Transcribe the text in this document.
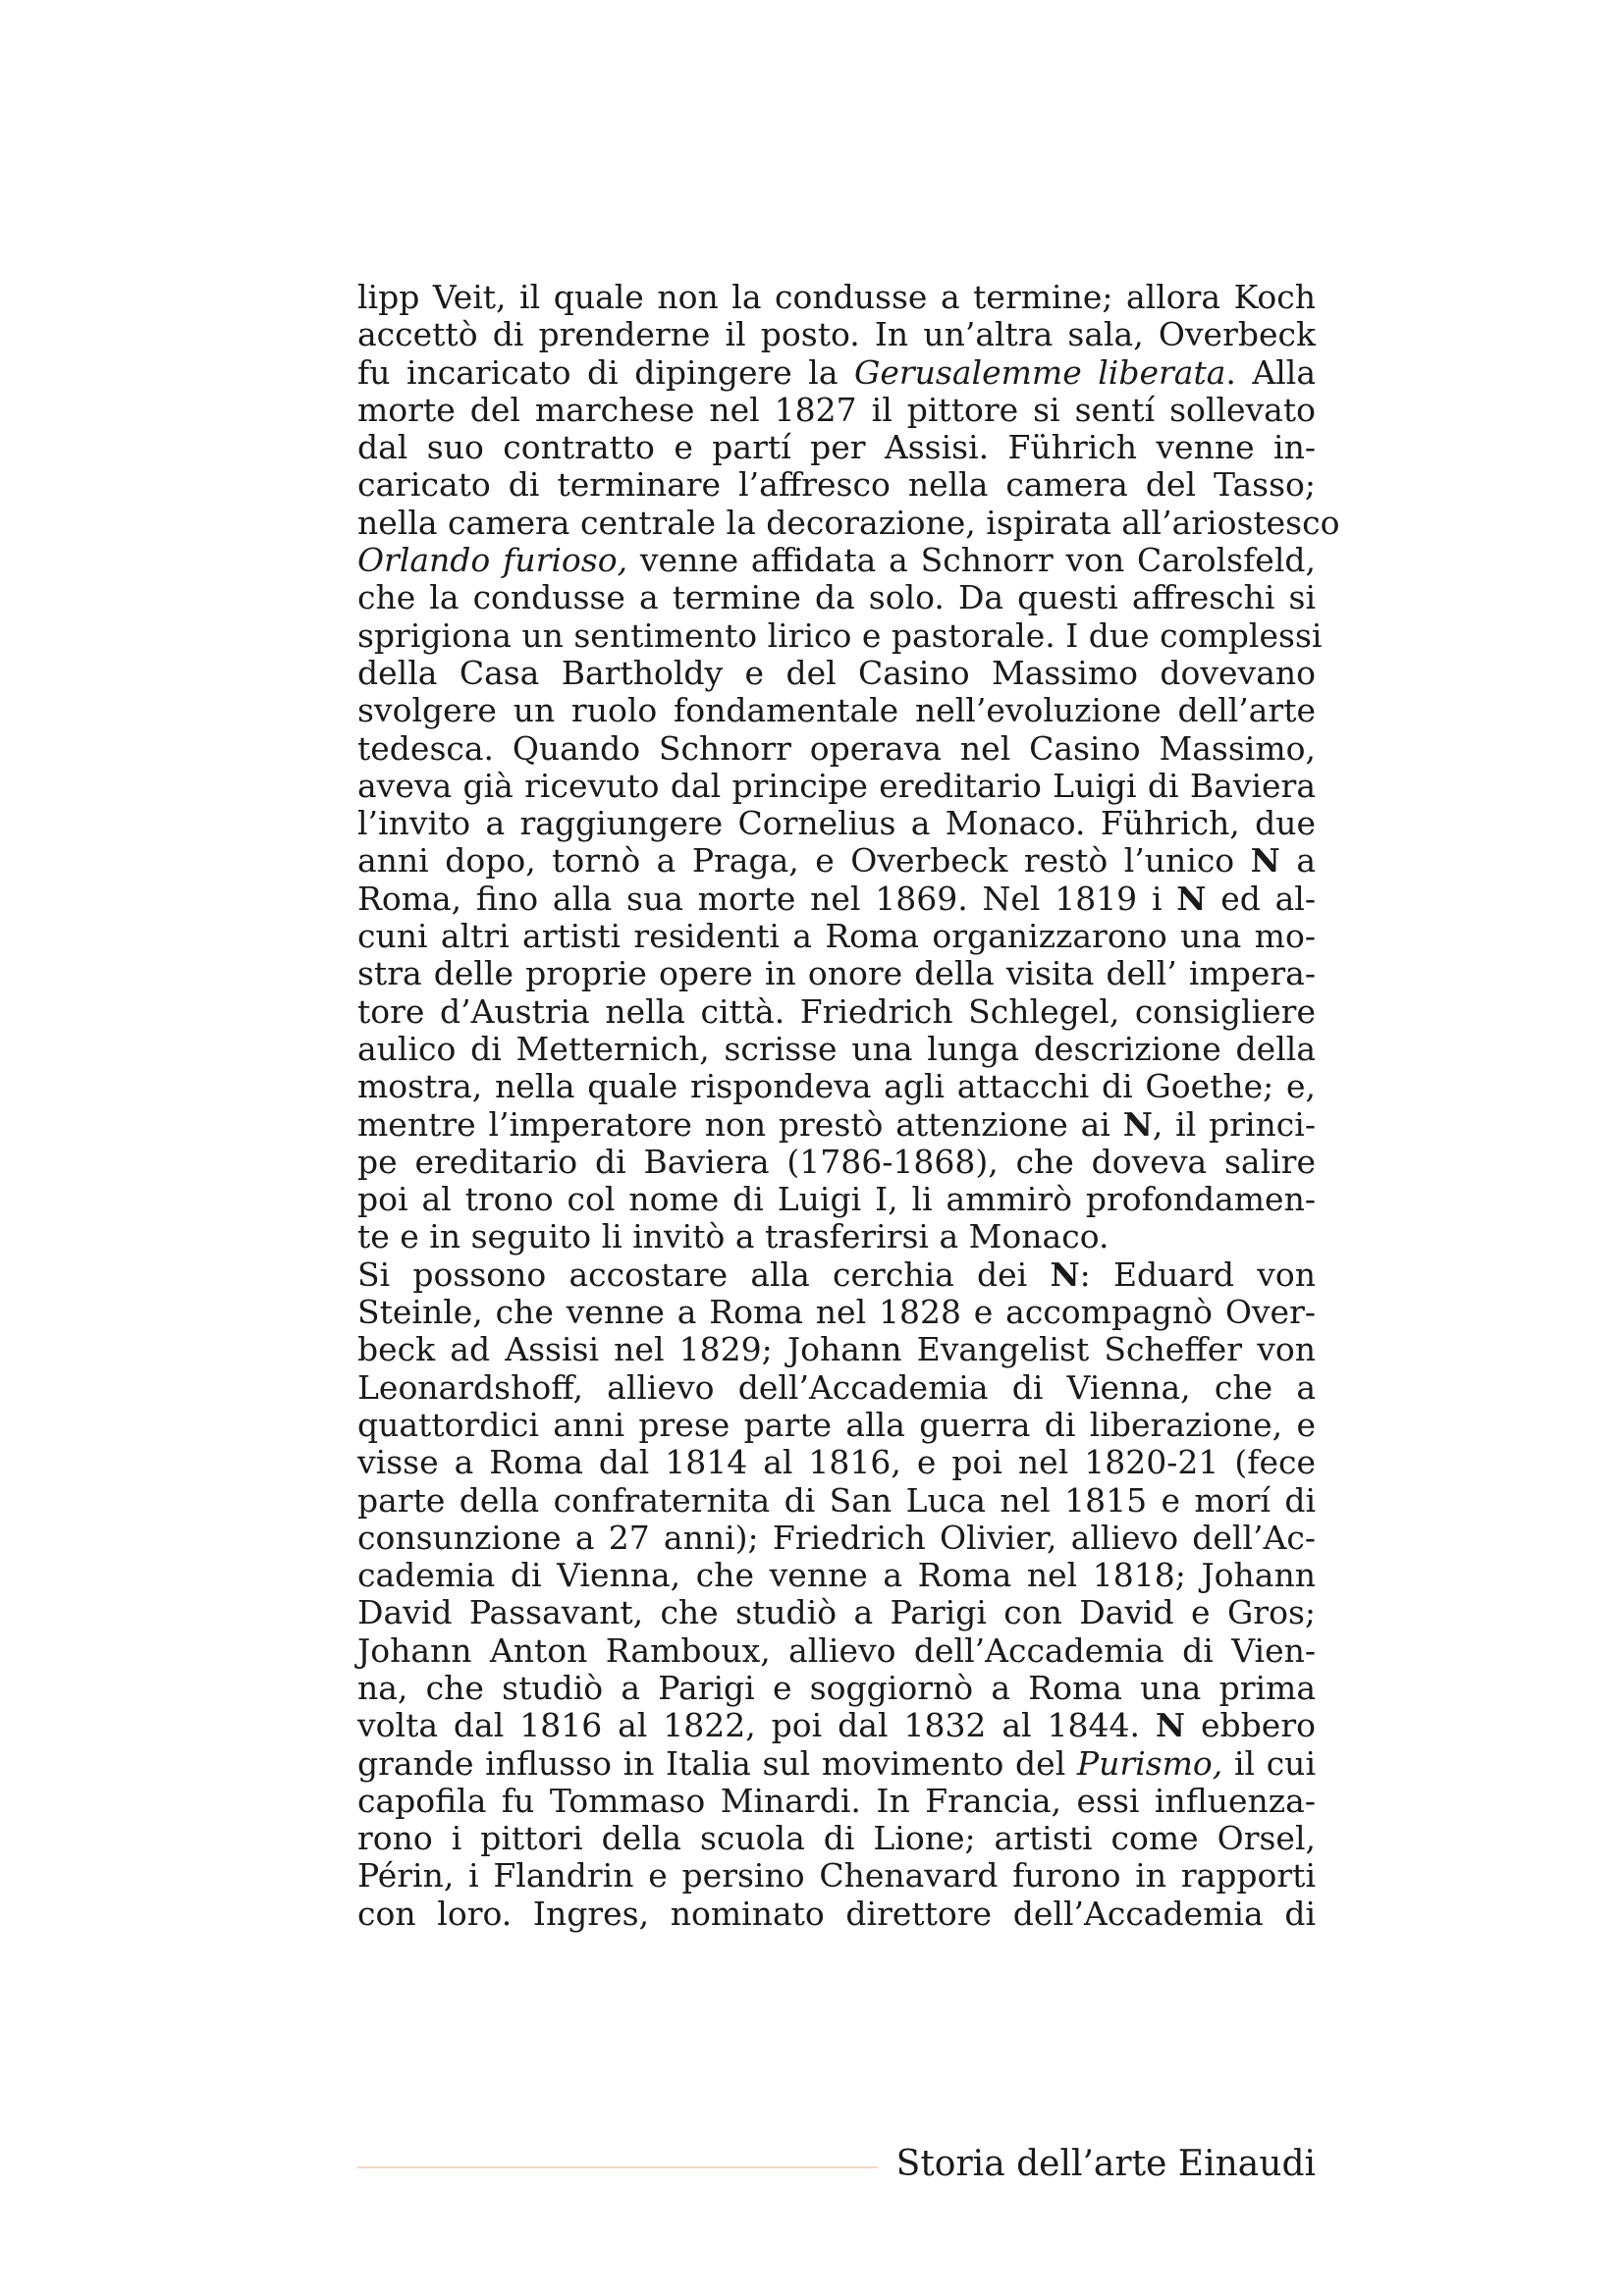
lipp Veit, il quale non la condusse a termine; allora Koch
accettò di prenderne il posto. In un’altra sala, Overbeck
fu incaricato di dipingere la Gerusalemme liberata. Alla
morte del marchese nel 1827 il pittore si sentí sollevato
dal suo contratto e partí per Assisi. Führich venne in-
caricato di terminare l’affresco nella camera del Tasso;
nella camera centrale la decorazione, ispirata all’ariostesco
Orlando furioso, venne affidata a Schnorr von Carolsfeld,
che la condusse a termine da solo. Da questi affreschi si
sprigiona un sentimento lirico e pastorale. I due complessi
della Casa Bartholdy e del Casino Massimo dovevano
svolgere un ruolo fondamentale nell’evoluzione dell’arte
tedesca. Quando Schnorr operava nel Casino Massimo,
aveva già ricevuto dal principe ereditario Luigi di Baviera
l’invito a raggiungere Cornelius a Monaco. Führich, due
anni dopo, tornò a Praga, e Overbeck restò l’unico N a
Roma, fino alla sua morte nel 1869. Nel 1819 i N ed al-
cuni altri artisti residenti a Roma organizzarono una mo-
stra delle proprie opere in onore della visita dell’ impera-
tore d’Austria nella città. Friedrich Schlegel, consigliere
aulico di Metternich, scrisse una lunga descrizione della
mostra, nella quale rispondeva agli attacchi di Goethe; e,
mentre l’imperatore non prestò attenzione ai N, il princi-
pe ereditario di Baviera (1786-1868), che doveva salire
poi al trono col nome di Luigi I, li ammirò profondamen-
te e in seguito li invitò a trasferirsi a Monaco.
Si possono accostare alla cerchia dei N: Eduard von
Steinle, che venne a Roma nel 1828 e accompagnò Over-
beck ad Assisi nel 1829; Johann Evangelist Scheffer von
Leonardshoff, allievo dell’Accademia di Vienna, che a
quattordici anni prese parte alla guerra di liberazione, e
visse a Roma dal 1814 al 1816, e poi nel 1820-21 (fece
parte della confraternita di San Luca nel 1815 e morí di
consunzione a 27 anni); Friedrich Olivier, allievo dell’Ac-
cademia di Vienna, che venne a Roma nel 1818; Johann
David Passavant, che studiò a Parigi con David e Gros;
Johann Anton Ramboux, allievo dell’Accademia di Vien-
na, che studiò a Parigi e soggiornò a Roma una prima
volta dal 1816 al 1822, poi dal 1832 al 1844. N ebbero
grande influsso in Italia sul movimento del Purismo, il cui
capofila fu Tommaso Minardi. In Francia, essi influenza-
rono i pittori della scuola di Lione; artisti come Orsel,
Périn, i Flandrin e persino Chenavard furono in rapporti
con loro. Ingres, nominato direttore dell’Accademia di
Storia dell’arte Einaudi
